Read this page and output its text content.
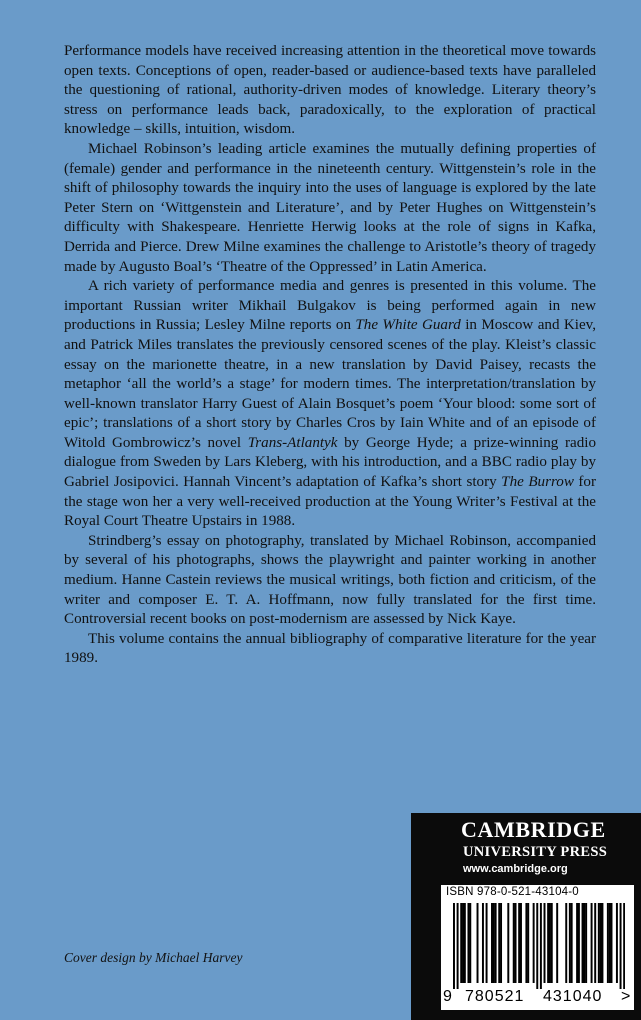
Performance models have received increasing attention in the theoretical move towards open texts. Conceptions of open, reader-based or audience-based texts have paralleled the questioning of rational, authority-driven modes of knowledge. Literary theory’s stress on performance leads back, paradoxically, to the exploration of practical knowledge – skills, intuition, wisdom.

Michael Robinson’s leading article examines the mutually defining properties of (female) gender and performance in the nineteenth century. Wittgenstein’s role in the shift of philosophy towards the inquiry into the uses of language is explored by the late Peter Stern on ‘Wittgenstein and Literature’, and by Peter Hughes on Wittgenstein’s difficulty with Shakespeare. Henriette Herwig looks at the role of signs in Kafka, Derrida and Pierce. Drew Milne examines the challenge to Aristotle’s theory of tragedy made by Augusto Boal’s ‘Theatre of the Oppressed’ in Latin America.

A rich variety of performance media and genres is presented in this volume. The important Russian writer Mikhail Bulgakov is being performed again in new productions in Russia; Lesley Milne reports on The White Guard in Moscow and Kiev, and Patrick Miles translates the previously censored scenes of the play. Kleist’s classic essay on the marionette theatre, in a new translation by David Paisey, recasts the metaphor ‘all the world’s a stage’ for modern times. The interpretation/translation by well-known translator Harry Guest of Alain Bosquet’s poem ‘Your blood: some sort of epic’; translations of a short story by Charles Cros by Iain White and of an episode of Witold Gombrowicz’s novel Trans-Atlantyk by George Hyde; a prize-winning radio dialogue from Sweden by Lars Kleberg, with his introduction, and a BBC radio play by Gabriel Josipovici. Hannah Vincent’s adaptation of Kafka’s short story The Burrow for the stage won her a very well-received production at the Young Writer’s Festival at the Royal Court Theatre Upstairs in 1988.

Strindberg’s essay on photography, translated by Michael Robinson, accompanied by several of his photographs, shows the playwright and painter working in another medium. Hanne Castein reviews the musical writings, both fiction and criticism, of the writer and composer E. T. A. Hoffmann, now fully translated for the first time. Controversial recent books on post-modernism are assessed by Nick Kaye.

This volume contains the annual bibliography of comparative literature for the year 1989.

Cover design by Michael Harvey
CAMBRIDGE
UNIVERSITY PRESS
www.cambridge.org
ISBN 978-0-521-43104-0
9 780521 431040 >
